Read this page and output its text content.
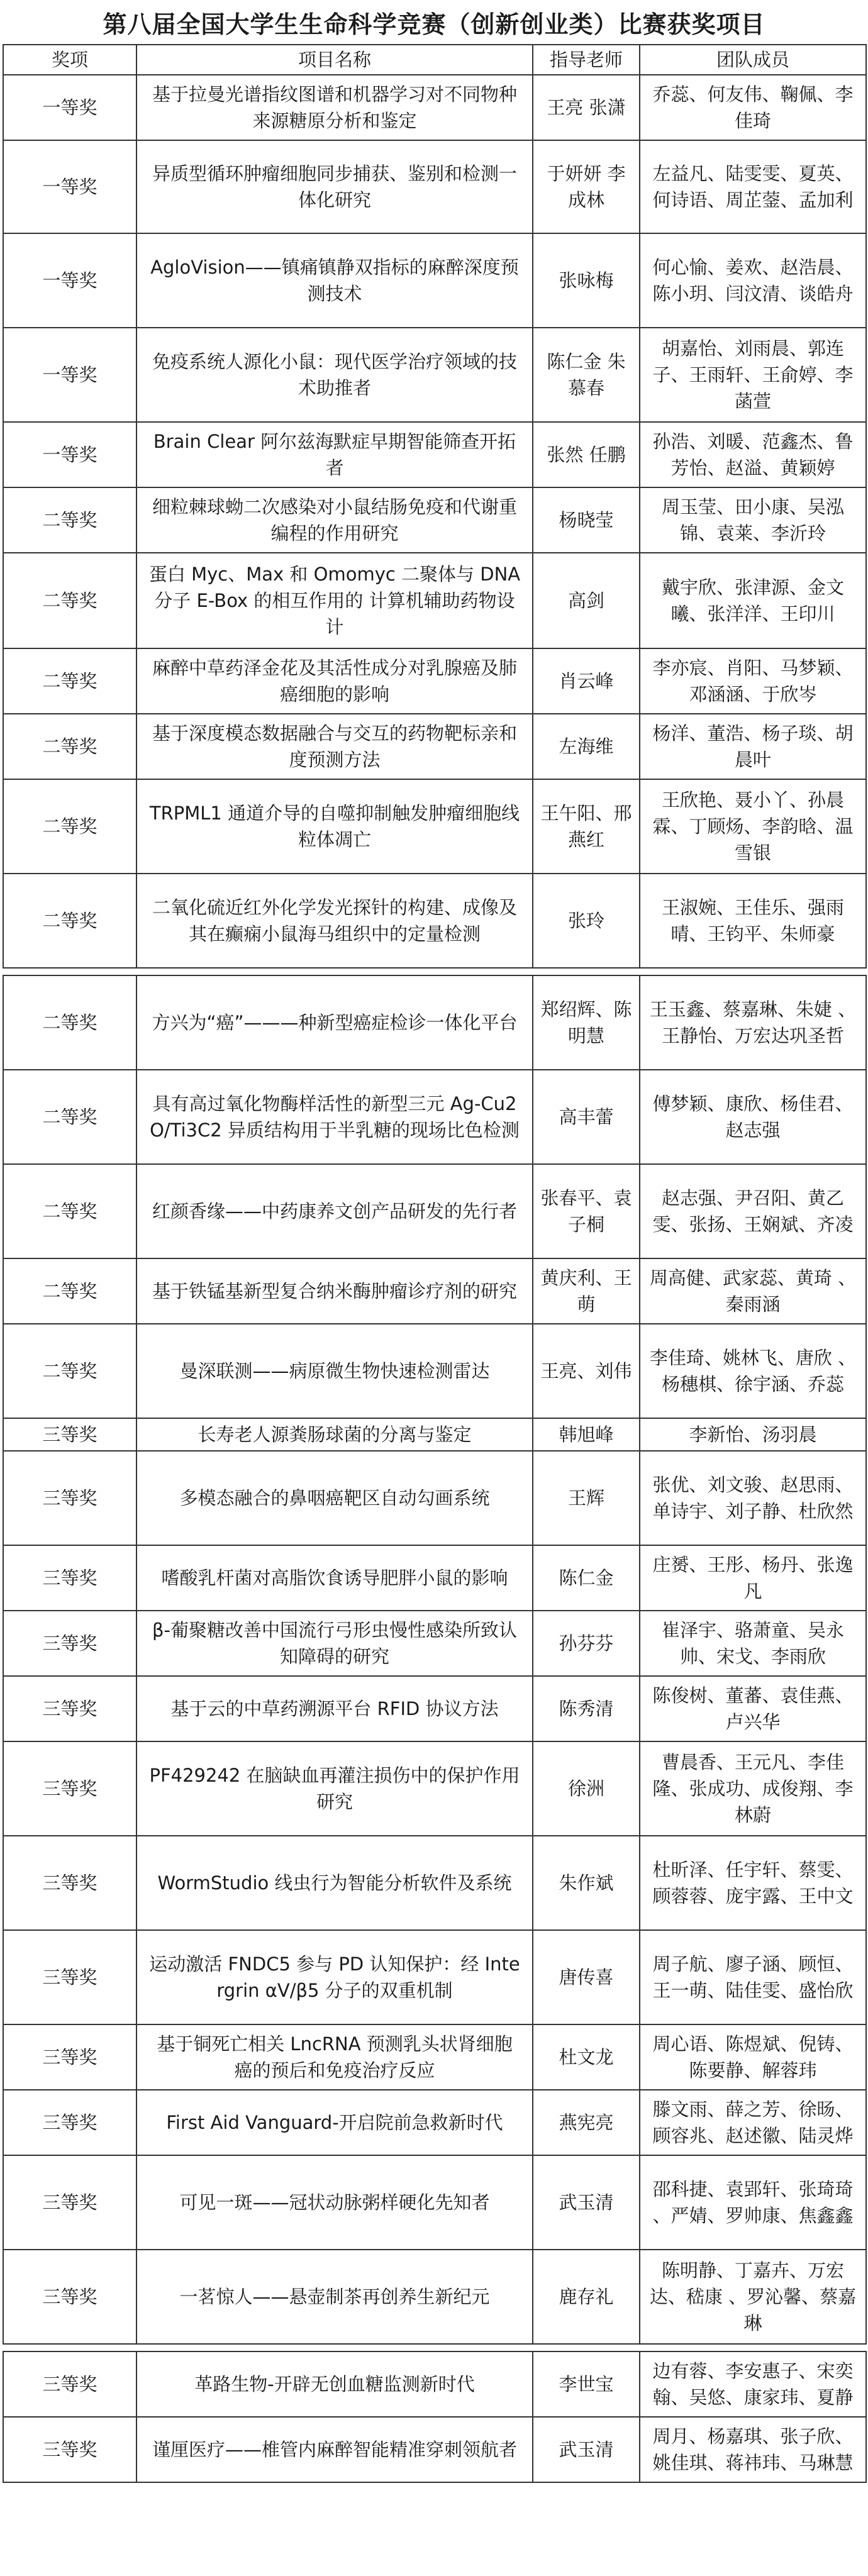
第八届全国大学生生命科学竞赛（创新创业类）比赛获奖项目
奖项	项目名称	指导老师	团队成员
一等奖	基于拉曼光谱指纹图谱和机器学习对不同物种来源糖原分析和鉴定	王亮 张潇	乔蕊、何友伟、鞠佩、李佳琦
一等奖	异质型循环肿瘤细胞同步捕获、鉴别和检测一体化研究	于妍妍 李成林	左益凡、陆雯雯、夏英、何诗语、周芷蓥、孟加利
一等奖	AgloVision——镇痛镇静双指标的麻醉深度预测技术	张咏梅	何心愉、姜欢、赵浩晨、陈小玥、闫汶清、谈皓舟
一等奖	免疫系统人源化小鼠：现代医学治疗领域的技术助推者	陈仁金 朱慕春	胡嘉怡、刘雨晨、郭连子、王雨轩、王俞婷、李菡萱
一等奖	Brain Clear 阿尔兹海默症早期智能筛查开拓者	张然 任鹏	孙浩、刘暖、范鑫杰、鲁芳怡、赵溢、黄颖婷
二等奖	细粒棘球蚴二次感染对小鼠结肠免疫和代谢重编程的作用研究	杨晓莹	周玉莹、田小康、吴泓锦、袁莱、李沂玲
二等奖	蛋白 Myc、Max 和 Omomyc 二聚体与 DNA 分子 E-Box 的相互作用的 计算机辅助药物设计	高剑	戴宇欣、张津源、金文曦、张洋洋、王印川
二等奖	麻醉中草药泽金花及其活性成分对乳腺癌及肺癌细胞的影响	肖云峰	李亦宸、肖阳、马梦颖、邓涵涵、于欣岑
二等奖	基于深度模态数据融合与交互的药物靶标亲和度预测方法	左海维	杨洋、董浩、杨子琰、胡晨叶
二等奖	TRPML1 通道介导的自噬抑制触发肿瘤细胞线粒体凋亡	王午阳、邢燕红	王欣艳、聂小丫、孙晨霖、丁顾炀、李韵晗、温雪银
二等奖	二氧化硫近红外化学发光探针的构建、成像及其在癫痫小鼠海马组织中的定量检测	张玲	王淑婉、王佳乐、强雨晴、王钧平、朱师豪

二等奖	方兴为“癌”———种新型癌症检诊一体化平台	郑绍辉、陈明慧	王玉鑫、蔡嘉琳、朱婕 、王静怡、万宏达巩圣哲
二等奖	具有高过氧化物酶样活性的新型三元 Ag-Cu2O/Ti3C2 异质结构用于半乳糖的现场比色检测	高丰蕾	傅梦颖、康欣、杨佳君、赵志强
二等奖	红颜香缘——中药康养文创产品研发的先行者	张春平、袁子桐	赵志强、尹召阳、黄乙雯、张扬、王娴斌、齐凌
二等奖	基于铁锰基新型复合纳米酶肿瘤诊疗剂的研究	黄庆利、王萌	周高健、武家蕊、黄琦 、秦雨涵
二等奖	曼深联测——病原微生物快速检测雷达	王亮、刘伟	李佳琦、姚林飞、唐欣 、杨穗棋、徐宇涵、乔蕊
三等奖	长寿老人源粪肠球菌的分离与鉴定	韩旭峰	李新怡、汤羽晨
三等奖	多模态融合的鼻咽癌靶区自动勾画系统	王辉	张优、刘文骏、赵思雨、单诗宇、刘子静、杜欣然
三等奖	嗜酸乳杆菌对高脂饮食诱导肥胖小鼠的影响	陈仁金	庄赟、王彤、杨丹、张逸凡
三等奖	β-葡聚糖改善中国流行弓形虫慢性感染所致认知障碍的研究	孙芬芬	崔泽宇、骆萧童、吴永帅、宋戈、李雨欣
三等奖	基于云的中草药溯源平台 RFID 协议方法	陈秀清	陈俊树、董蕃、袁佳燕、卢兴华
三等奖	PF429242 在脑缺血再灌注损伤中的保护作用研究	徐洲	曹晨香、王元凡、李佳隆、张成功、成俊翔、李林蔚
三等奖	WormStudio 线虫行为智能分析软件及系统	朱作斌	杜昕泽、任宇轩、蔡雯、顾蓉蓉、庞宇露、王中文
三等奖	运动激活 FNDC5 参与 PD 认知保护：经 Intergrin αV/β5 分子的双重机制	唐传喜	周子航、廖子涵、顾恒、王一萌、陆佳雯、盛怡欣
三等奖	基于铜死亡相关 LncRNA 预测乳头状肾细胞癌的预后和免疫治疗反应	杜文龙	周心语、陈煜斌、倪铸、陈要静、解蓉玮
三等奖	First Aid Vanguard-开启院前急救新时代	燕宪亮	滕文雨、薛之芳、徐旸、顾容兆、赵述徽、陆灵烨
三等奖	可见一斑——冠状动脉粥样硬化先知者	武玉清	邵科捷、袁郢轩、张琦琦 、严婧、罗帅康、焦鑫鑫
三等奖	一茗惊人——悬壶制茶再创养生新纪元	鹿存礼	陈明静、丁嘉卉、万宏达、嵇康 、罗沁馨、蔡嘉琳

三等奖	革路生物-开辟无创血糖监测新时代	李世宝	边有蓉、李安惠子、宋奕翰、吴悠、康家玮、夏静
三等奖	谨厘医疗——椎管内麻醉智能精准穿刺领航者	武玉清	周月、杨嘉琪、张子欣、姚佳琪、蒋祎玮、马琳慧
